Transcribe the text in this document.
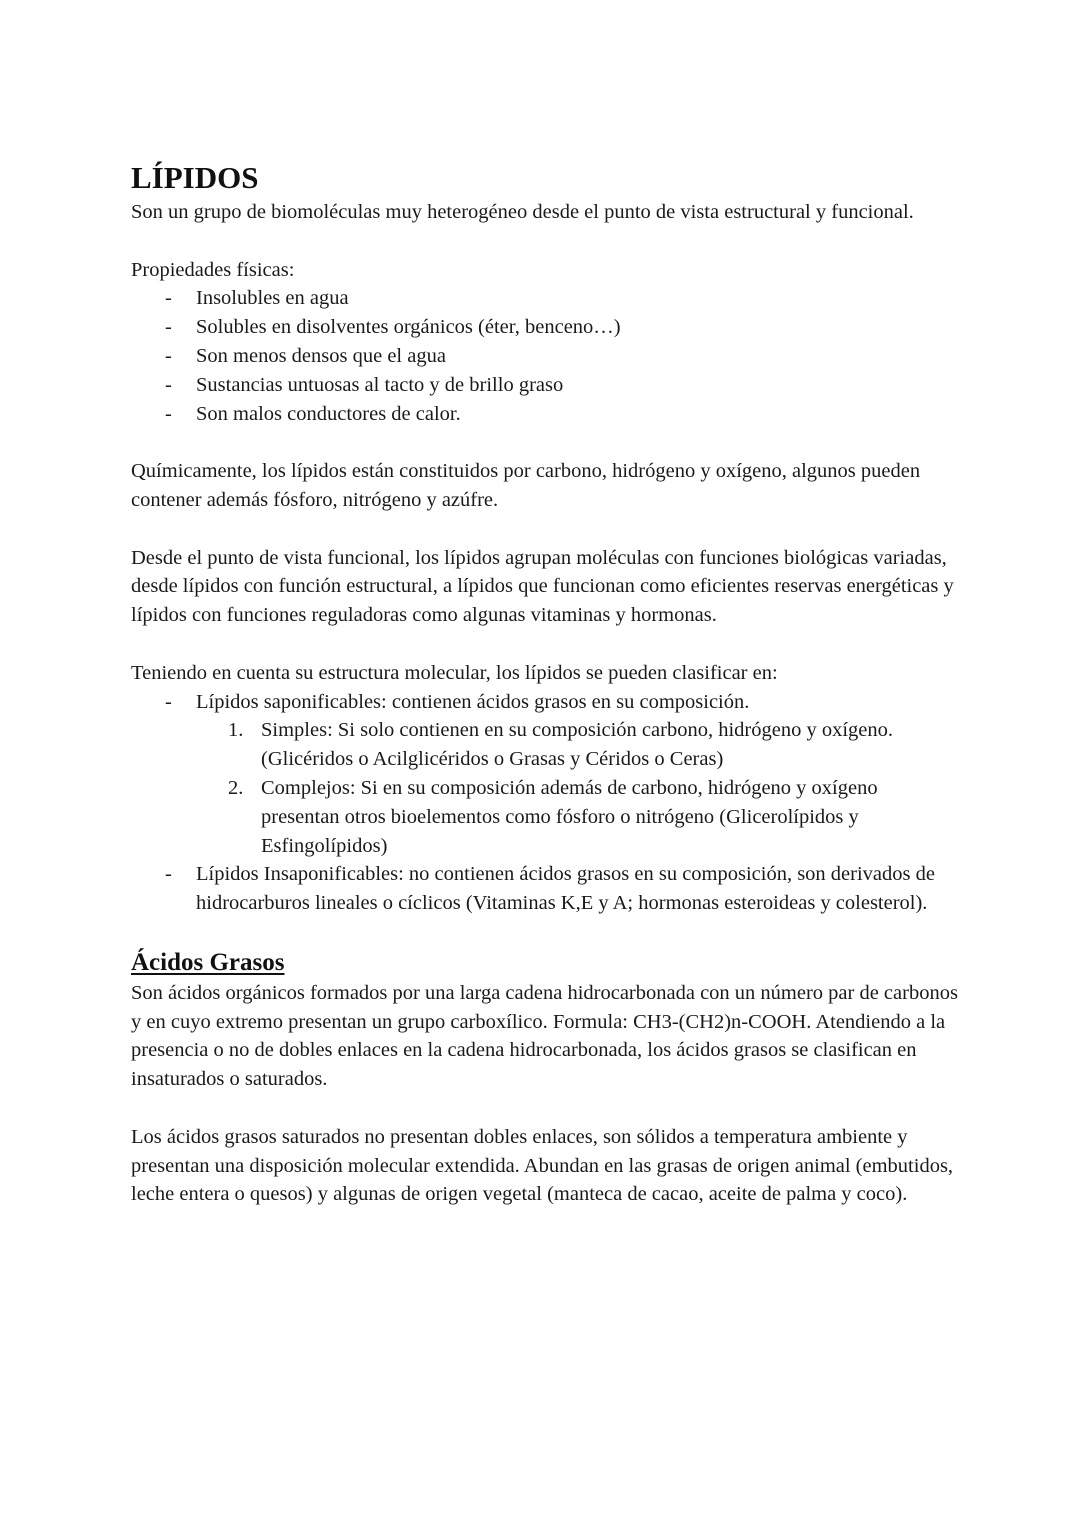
LÍPIDOS

Son un grupo de biomoléculas muy heterogéneo desde el punto de vista estructural y funcional.

Propiedades físicas:

- Insolubles en agua
- Solubles en disolventes orgánicos (éter, benceno…)
- Son menos densos que el agua
- Sustancias untuosas al tacto y de brillo graso
- Son malos conductores de calor.

Químicamente, los lípidos están constituidos por carbono, hidrógeno y oxígeno, algunos pueden contener además fósforo, nitrógeno y azúfre.

Desde el punto de vista funcional, los lípidos agrupan moléculas con funciones biológicas variadas, desde lípidos con función estructural, a lípidos que funcionan como eficientes reservas energéticas y lípidos con funciones reguladoras como algunas vitaminas y hormonas.

Teniendo en cuenta su estructura molecular, los lípidos se pueden clasificar en:

- Lípidos saponificables: contienen ácidos grasos en su composición.
1. Simples: Si solo contienen en su composición carbono, hidrógeno y oxígeno. (Glicéridos o Acilglicéridos o Grasas y Céridos o Ceras)
2. Complejos: Si en su composición además de carbono, hidrógeno y oxígeno presentan otros bioelementos como fósforo o nitrógeno (Glicerolípidos y Esfingolípidos)
- Lípidos Insaponificables: no contienen ácidos grasos en su composición, son derivados de hidrocarburos lineales o cíclicos (Vitaminas K,E y A; hormonas esteroideas y colesterol).
Ácidos Grasos

Son ácidos orgánicos formados por una larga cadena hidrocarbonada con un número par de carbonos y en cuyo extremo presentan un grupo carboxílico. Formula: CH3-(CH2)n-COOH. Atendiendo a la presencia o no de dobles enlaces en la cadena hidrocarbonada, los ácidos grasos se clasifican en insaturados o saturados.

Los ácidos grasos saturados no presentan dobles enlaces, son sólidos a temperatura ambiente y presentan una disposición molecular extendida. Abundan en las grasas de origen animal (embutidos, leche entera o quesos) y algunas de origen vegetal (manteca de cacao, aceite de palma y coco).
